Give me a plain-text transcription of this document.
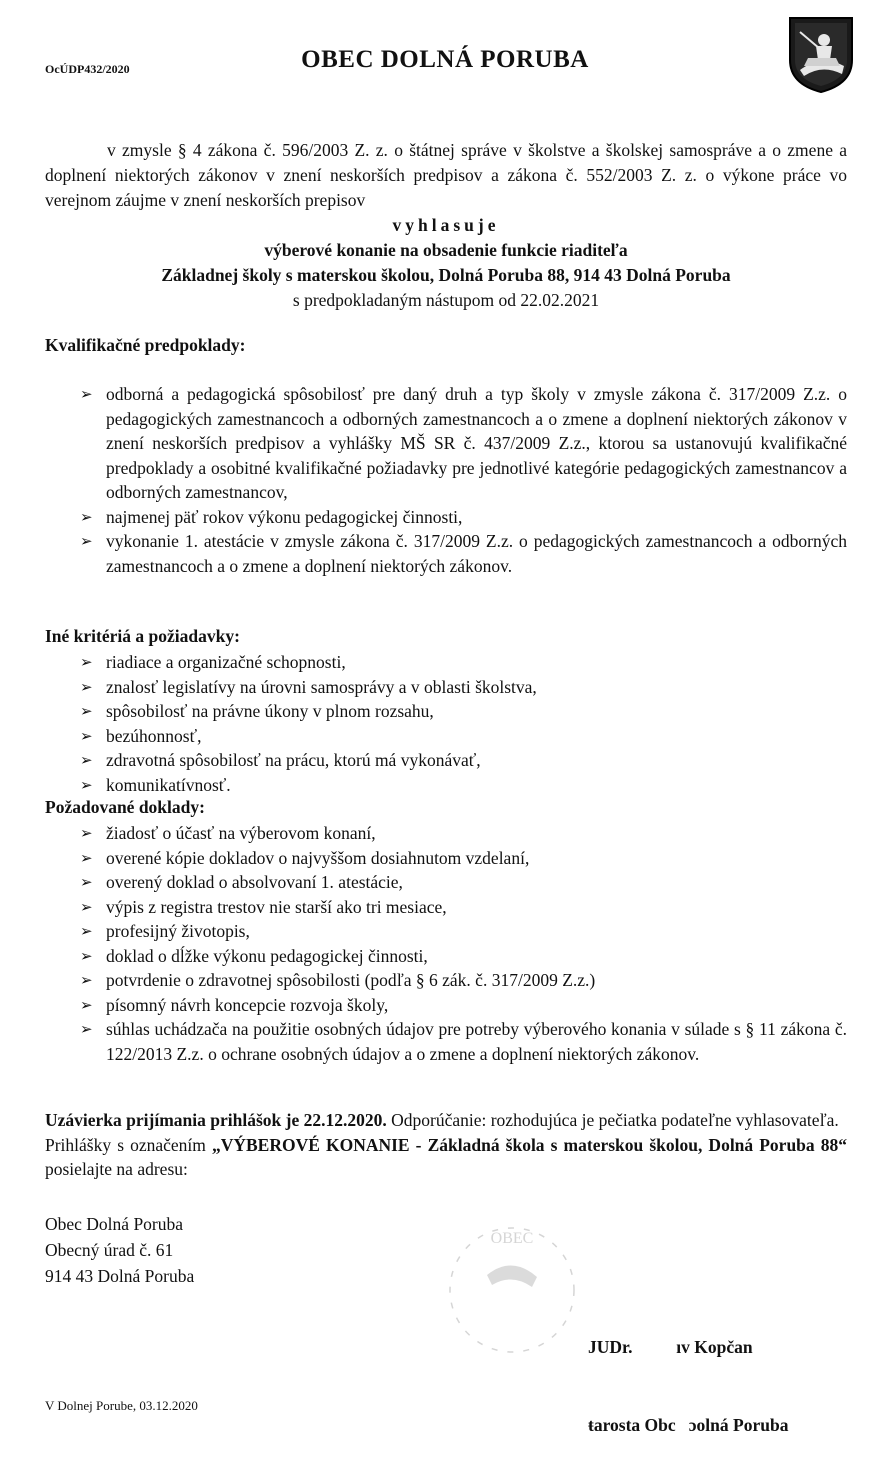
OcÚDP432/2020	OBEC DOLNÁ PORUBA

v zmysle § 4 zákona č. 596/2003 Z. z. o štátnej správe v školstve a školskej samospráve a o zmene a doplnení niektorých zákonov v znení neskorších predpisov a zákona č. 552/2003 Z. z. o výkone práce vo verejnom záujme v znení neskorších prepisov

vyhlasuje

výberové konanie na obsadenie funkcie riaditeľa

Základnej školy s materskou školou, Dolná Poruba 88, 914 43 Dolná Poruba

s predpokladaným nástupom od 22.02.2021

Kvalifikačné predpoklady:
➢ odborná a pedagogická spôsobilosť pre daný druh a typ školy v zmysle zákona č. 317/2009 Z.z. o pedagogických zamestnancoch a odborných zamestnancoch a o zmene a doplnení niektorých zákonov v znení neskorších predpisov a vyhlášky MŠ SR č. 437/2009 Z.z., ktorou sa ustanovujú kvalifikačné predpoklady a osobitné kvalifikačné požiadavky pre jednotlivé kategórie pedagogických zamestnancov a odborných zamestnancov,
➢ najmenej päť rokov výkonu pedagogickej činnosti,
➢ vykonanie 1. atestácie v zmysle zákona č. 317/2009 Z.z. o pedagogických zamestnancoch a odborných zamestnancoch a o zmene a doplnení niektorých zákonov.
Iné kritériá a požiadavky:
➢ riadiace a organizačné schopnosti,
➢ znalosť legislatívy na úrovni samosprávy a v oblasti školstva,
➢ spôsobilosť na právne úkony v plnom rozsahu,
➢ bezúhonnosť,
➢ zdravotná spôsobilosť na prácu, ktorú má vykonávať,
➢ komunikatívnosť.
Požadované doklady:
➢ žiadosť o účasť na výberovom konaní,
➢ overené kópie dokladov o najvyššom dosiahnutom vzdelaní,
➢ overený doklad o absolvovaní 1. atestácie,
➢ výpis z registra trestov nie starší ako tri mesiace,
➢ profesijný životopis,
➢ doklad o dĺžke výkonu pedagogickej činnosti,
➢ potvrdenie o zdravotnej spôsobilosti (podľa § 6 zák. č. 317/2009 Z.z.)
➢ písomný návrh koncepcie rozvoja školy,
➢ súhlas uchádzača na použitie osobných údajov pre potreby výberového konania v súlade s § 11 zákona č. 122/2013 Z.z. o ochrane osobných údajov a o zmene a doplnení niektorých zákonov.

Uzávierka prijímania prihlášok je 22.12.2020. Odporúčanie: rozhodujúca je pečiatka podateľne vyhlasovateľa.

Prihlášky s označením „VÝBEROVÉ KONANIE - Základná škola s materskou školou, Dolná Poruba 88“ posielajte na adresu:

Obec Dolná Poruba
Obecný úrad č. 61
914 43 Dolná Poruba
OBEC

JUDr.          ıv Kopčan

ŧarosta Obc   ɔolná Poruba

V Dolnej Porube, 03.12.2020
